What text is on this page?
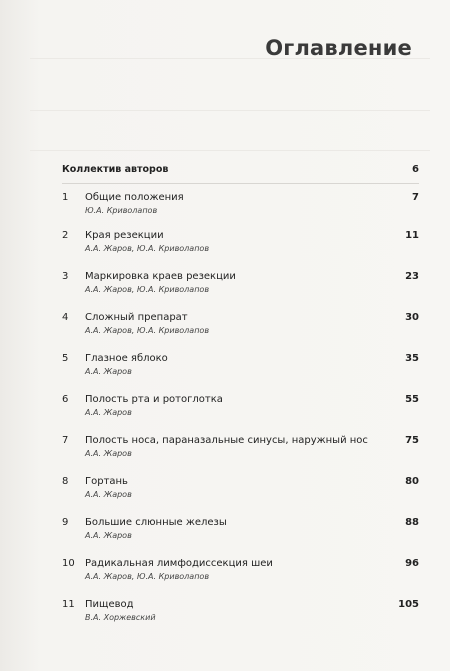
Оглавление
Коллектив авторов	6
1	Общие положения	7
Ю.А. Криволапов
2	Края резекции	11
А.А. Жаров, Ю.А. Криволапов
3	Маркировка краев резекции	23
А.А. Жаров, Ю.А. Криволапов
4	Сложный препарат	30
А.А. Жаров, Ю.А. Криволапов
5	Глазное яблоко	35
А.А. Жаров
6	Полость рта и ротоглотка	55
А.А. Жаров
7	Полость носа, параназальные синусы, наружный нос	75
А.А. Жаров
8	Гортань	80
А.А. Жаров
9	Большие слюнные железы	88
А.А. Жаров
10 Радикальная лимфодиссекция шеи	96
А.А. Жаров, Ю.А. Криволапов
11 Пищевод	105
В.А. Хоржевский
